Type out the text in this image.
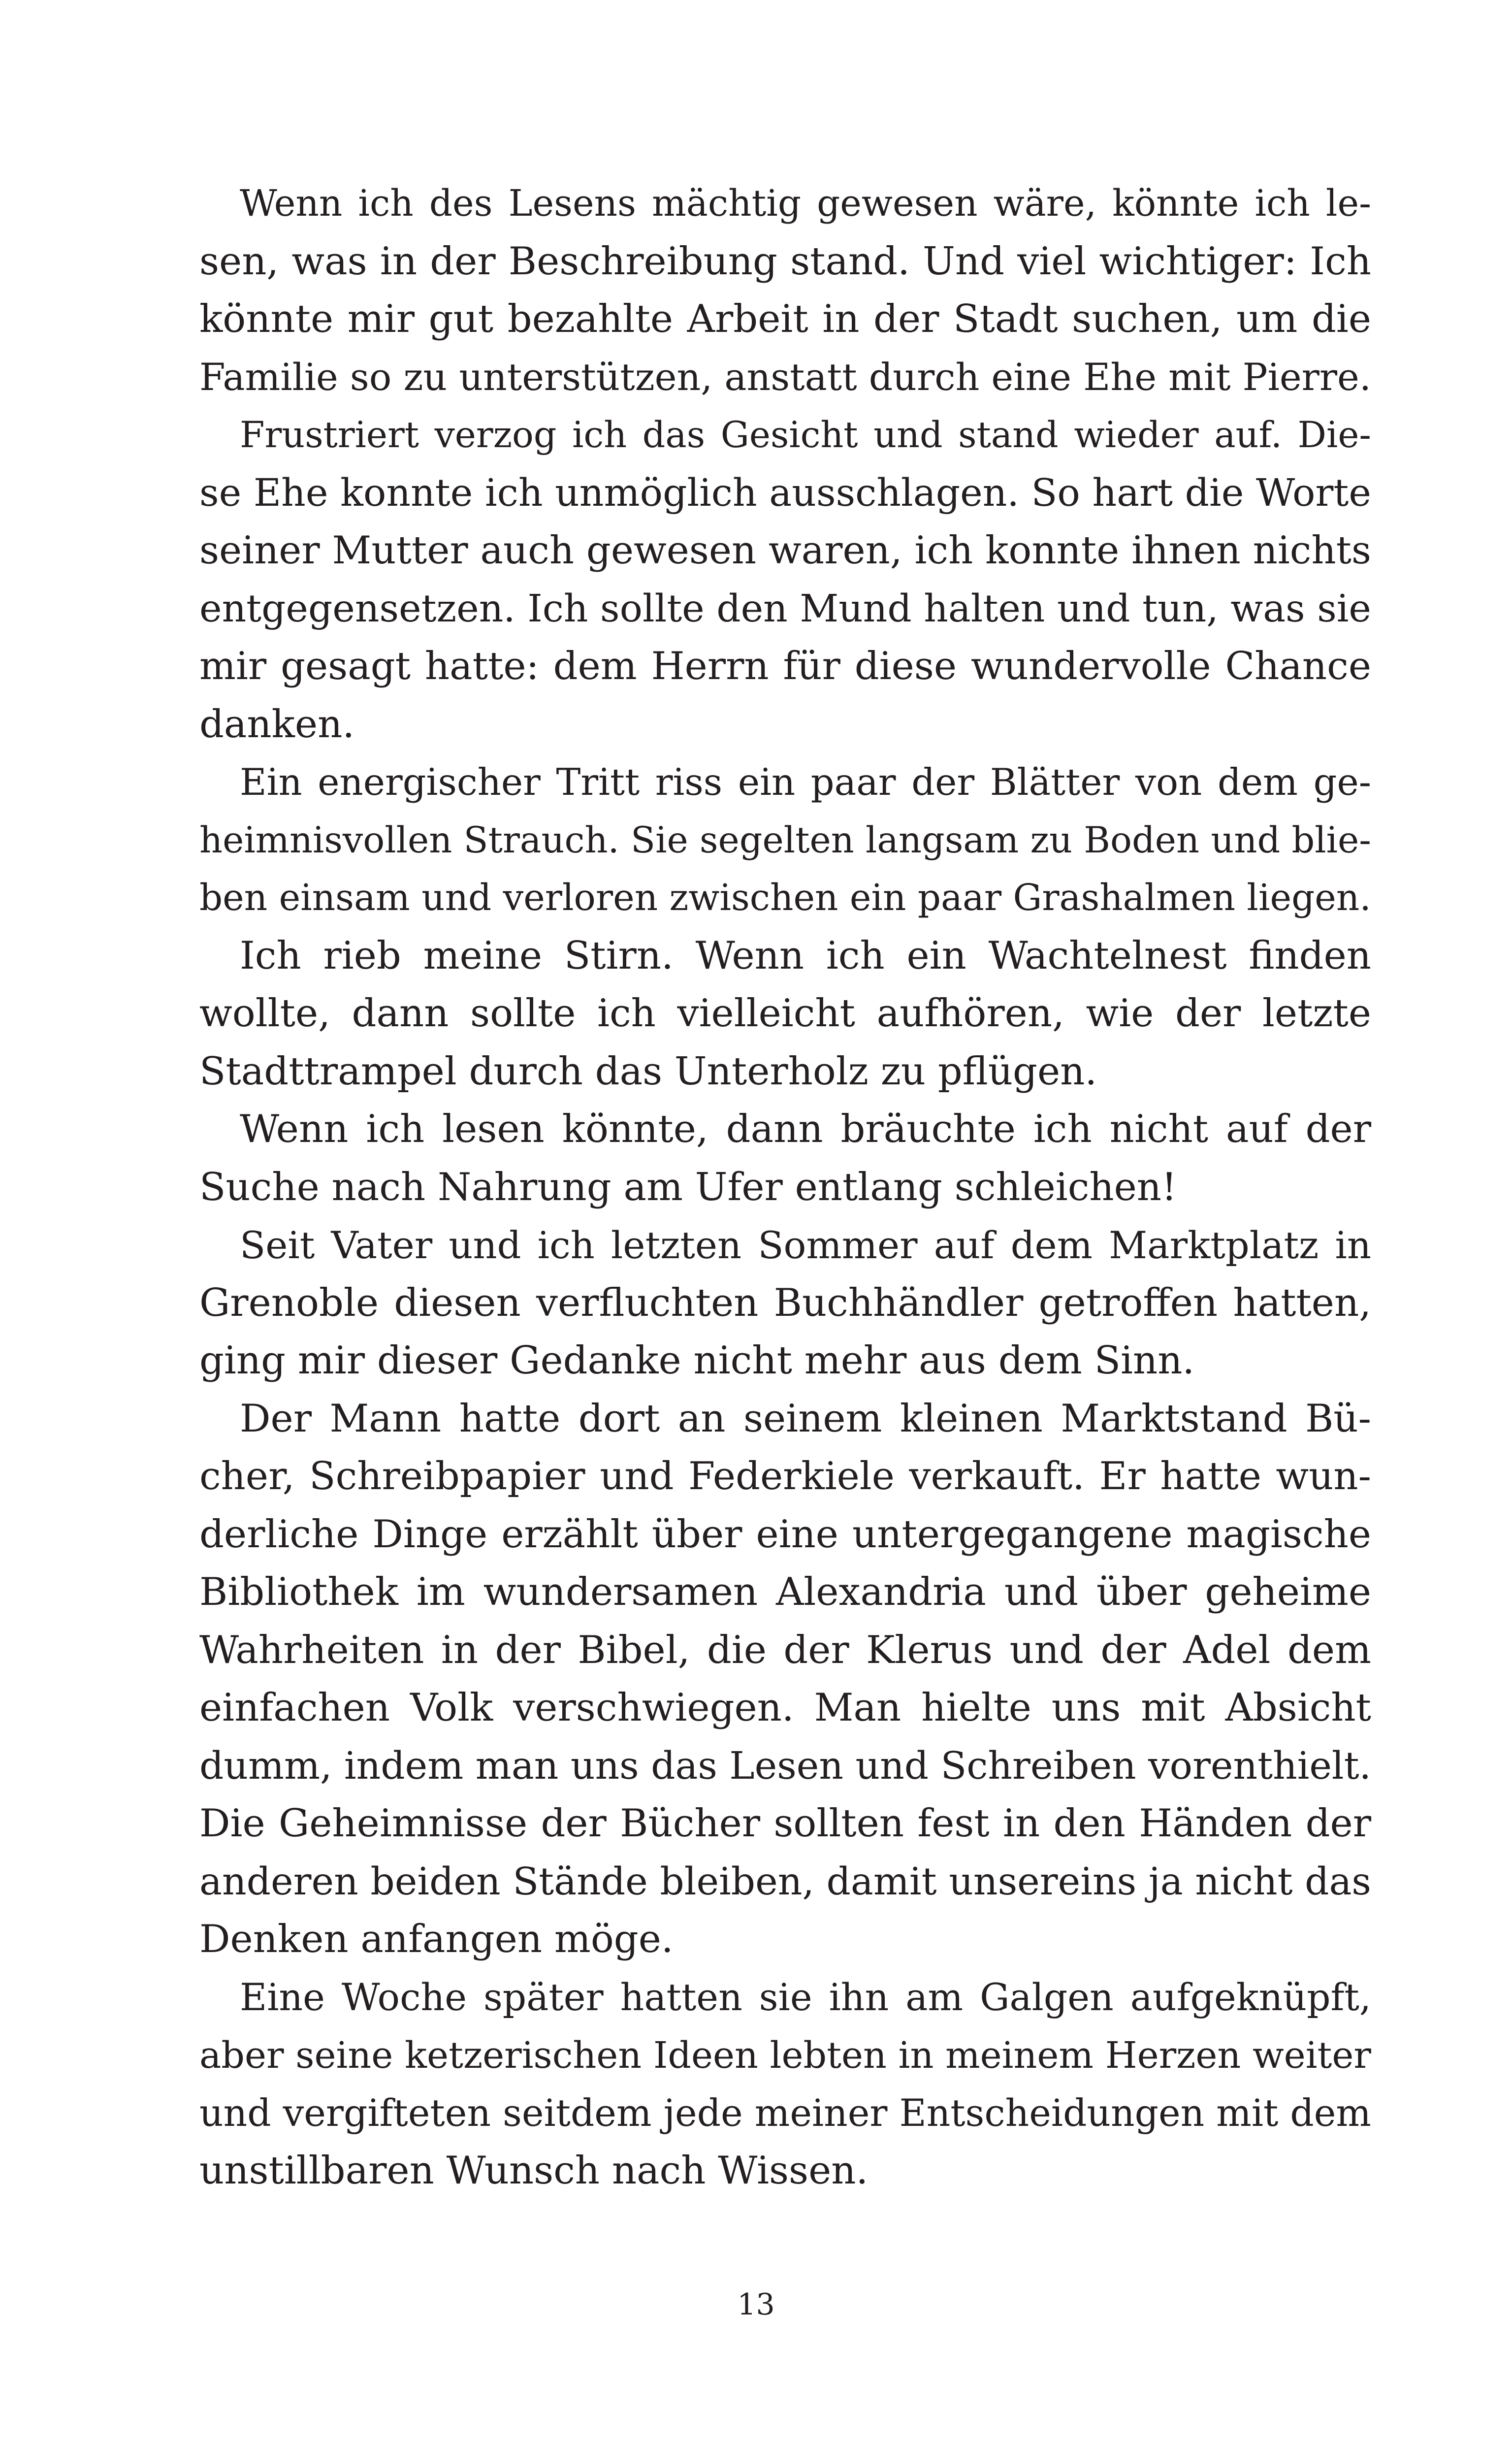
Wenn ich des Lesens mächtig gewesen wäre, könnte ich le-
sen, was in der Beschreibung stand. Und viel wichtiger: Ich
könnte mir gut bezahlte Arbeit in der Stadt suchen, um die
Familie so zu unterstützen, anstatt durch eine Ehe mit Pierre.

Frustriert verzog ich das Gesicht und stand wieder auf. Die-
se Ehe konnte ich unmöglich ausschlagen. So hart die Worte
seiner Mutter auch gewesen waren, ich konnte ihnen nichts
entgegensetzen. Ich sollte den Mund halten und tun, was sie
mir gesagt hatte: dem Herrn für diese wundervolle Chance
danken.

Ein energischer Tritt riss ein paar der Blätter von dem ge-
heimnisvollen Strauch. Sie segelten langsam zu Boden und blie-
ben einsam und verloren zwischen ein paar Grashalmen liegen.

Ich rieb meine Stirn. Wenn ich ein Wachtelnest finden
wollte, dann sollte ich vielleicht aufhören, wie der letzte
Stadttrampel durch das Unterholz zu pflügen.

Wenn ich lesen könnte, dann bräuchte ich nicht auf der
Suche nach Nahrung am Ufer entlang schleichen!

Seit Vater und ich letzten Sommer auf dem Marktplatz in
Grenoble diesen verfluchten Buchhändler getroffen hatten,
ging mir dieser Gedanke nicht mehr aus dem Sinn.

Der Mann hatte dort an seinem kleinen Marktstand Bü-
cher, Schreibpapier und Federkiele verkauft. Er hatte wun-
derliche Dinge erzählt über eine untergegangene magische
Bibliothek im wundersamen Alexandria und über geheime
Wahrheiten in der Bibel, die der Klerus und der Adel dem
einfachen Volk verschwiegen. Man hielte uns mit Absicht
dumm, indem man uns das Lesen und Schreiben vorenthielt.
Die Geheimnisse der Bücher sollten fest in den Händen der
anderen beiden Stände bleiben, damit unsereins ja nicht das
Denken anfangen möge.

Eine Woche später hatten sie ihn am Galgen aufgeknüpft,
aber seine ketzerischen Ideen lebten in meinem Herzen weiter
und vergifteten seitdem jede meiner Entscheidungen mit dem
unstillbaren Wunsch nach Wissen.

13
